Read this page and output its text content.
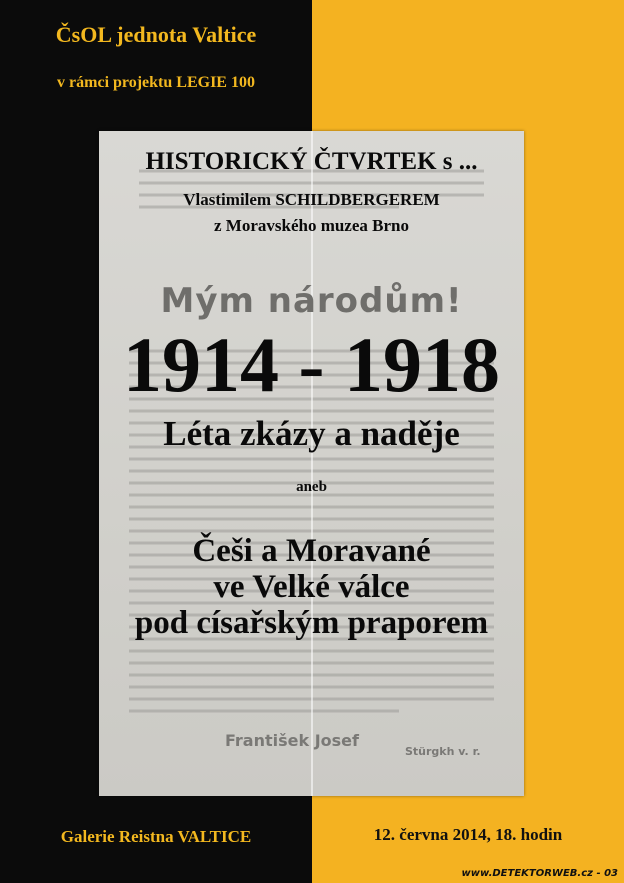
ČsOL jednota Valtice
v rámci projektu LEGIE 100
Mým národům!
František Josef
Stürgkh v. r.
HISTORICKÝ ČTVRTEK s ...
Vlastimilem SCHILDBERGEREM
z Moravského muzea Brno
1914 - 1918
Léta zkázy a naděje
aneb
Češi a Moravané
ve Velké válce
pod císařským praporem
Galerie Reistna VALTICE	12. června 2014, 18. hodin
www.DETEKTORWEB.cz - 03
